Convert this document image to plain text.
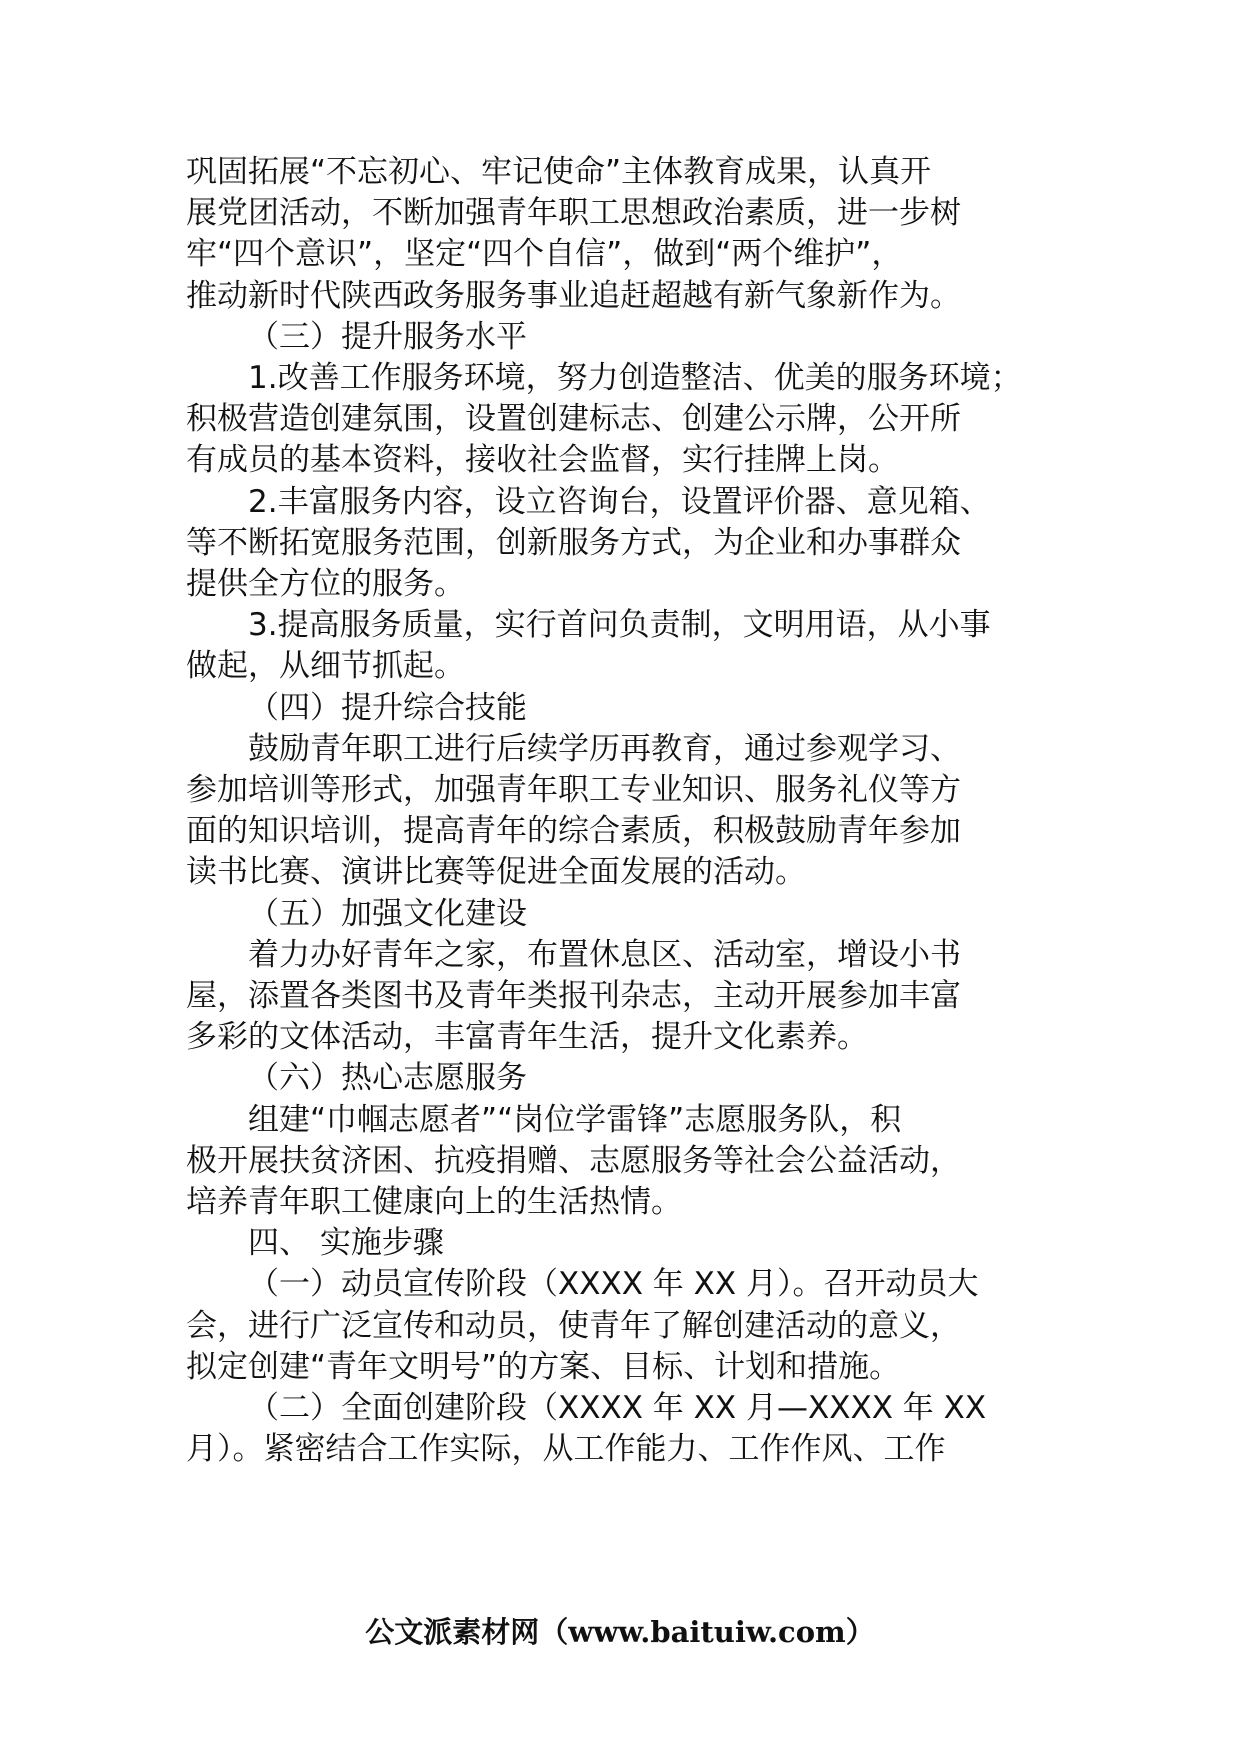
巩固拓展“不忘初心、牢记使命”主体教育成果，认真开

展党团活动，不断加强青年职工思想政治素质，进一步树

牢“四个意识”，坚定“四个自信”，做到“两个维护”，

推动新时代陕西政务服务事业追赶超越有新气象新作为。

（三）提升服务水平

1.改善工作服务环境，努力创造整洁、优美的服务环境；

积极营造创建氛围，设置创建标志、创建公示牌，公开所

有成员的基本资料，接收社会监督，实行挂牌上岗。

2.丰富服务内容，设立咨询台，设置评价器、意见箱、

等不断拓宽服务范围，创新服务方式，为企业和办事群众

提供全方位的服务。

3.提高服务质量，实行首问负责制，文明用语，从小事

做起，从细节抓起。

（四）提升综合技能

鼓励青年职工进行后续学历再教育，通过参观学习、

参加培训等形式，加强青年职工专业知识、服务礼仪等方

面的知识培训，提高青年的综合素质，积极鼓励青年参加

读书比赛、演讲比赛等促进全面发展的活动。

（五）加强文化建设

着力办好青年之家，布置休息区、活动室，增设小书

屋，添置各类图书及青年类报刊杂志，主动开展参加丰富

多彩的文体活动，丰富青年生活，提升文化素养。

（六）热心志愿服务

组建“巾帼志愿者”“岗位学雷锋”志愿服务队，积

极开展扶贫济困、抗疫捐赠、志愿服务等社会公益活动，

培养青年职工健康向上的生活热情。

四、 实施步骤

（一）动员宣传阶段（XXXX 年 XX 月）。召开动员大

会，进行广泛宣传和动员，使青年了解创建活动的意义，

拟定创建“青年文明号”的方案、目标、计划和措施。

（二）全面创建阶段（XXXX 年 XX 月—XXXX 年 XX

月）。紧密结合工作实际，从工作能力、工作作风、工作

公文派素材网（www.baituiw.com）
